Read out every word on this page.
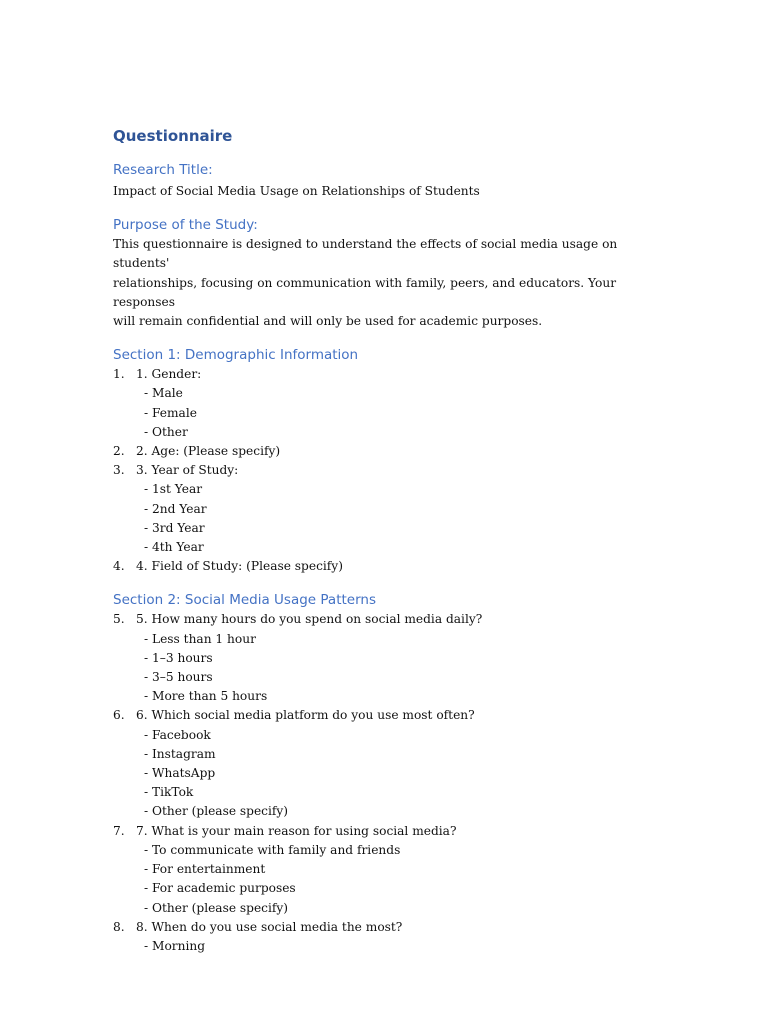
Questionnaire
Research Title:
Impact of Social Media Usage on Relationships of Students
Purpose of the Study:
This questionnaire is designed to understand the effects of social media usage on students'
relationships, focusing on communication with family, peers, and educators. Your responses
will remain confidential and will only be used for academic purposes.
Section 1: Demographic Information
1. 1. Gender:
- Male
- Female
- Other
2. 2. Age: (Please specify)
3. 3. Year of Study:
- 1st Year
- 2nd Year
- 3rd Year
- 4th Year
4. 4. Field of Study: (Please specify)
Section 2: Social Media Usage Patterns
5. 5. How many hours do you spend on social media daily?
- Less than 1 hour
- 1–3 hours
- 3–5 hours
- More than 5 hours
6. 6. Which social media platform do you use most often?
- Facebook
- Instagram
- WhatsApp
- TikTok
- Other (please specify)
7. 7. What is your main reason for using social media?
- To communicate with family and friends
- For entertainment
- For academic purposes
- Other (please specify)
8. 8. When do you use social media the most?
- Morning
